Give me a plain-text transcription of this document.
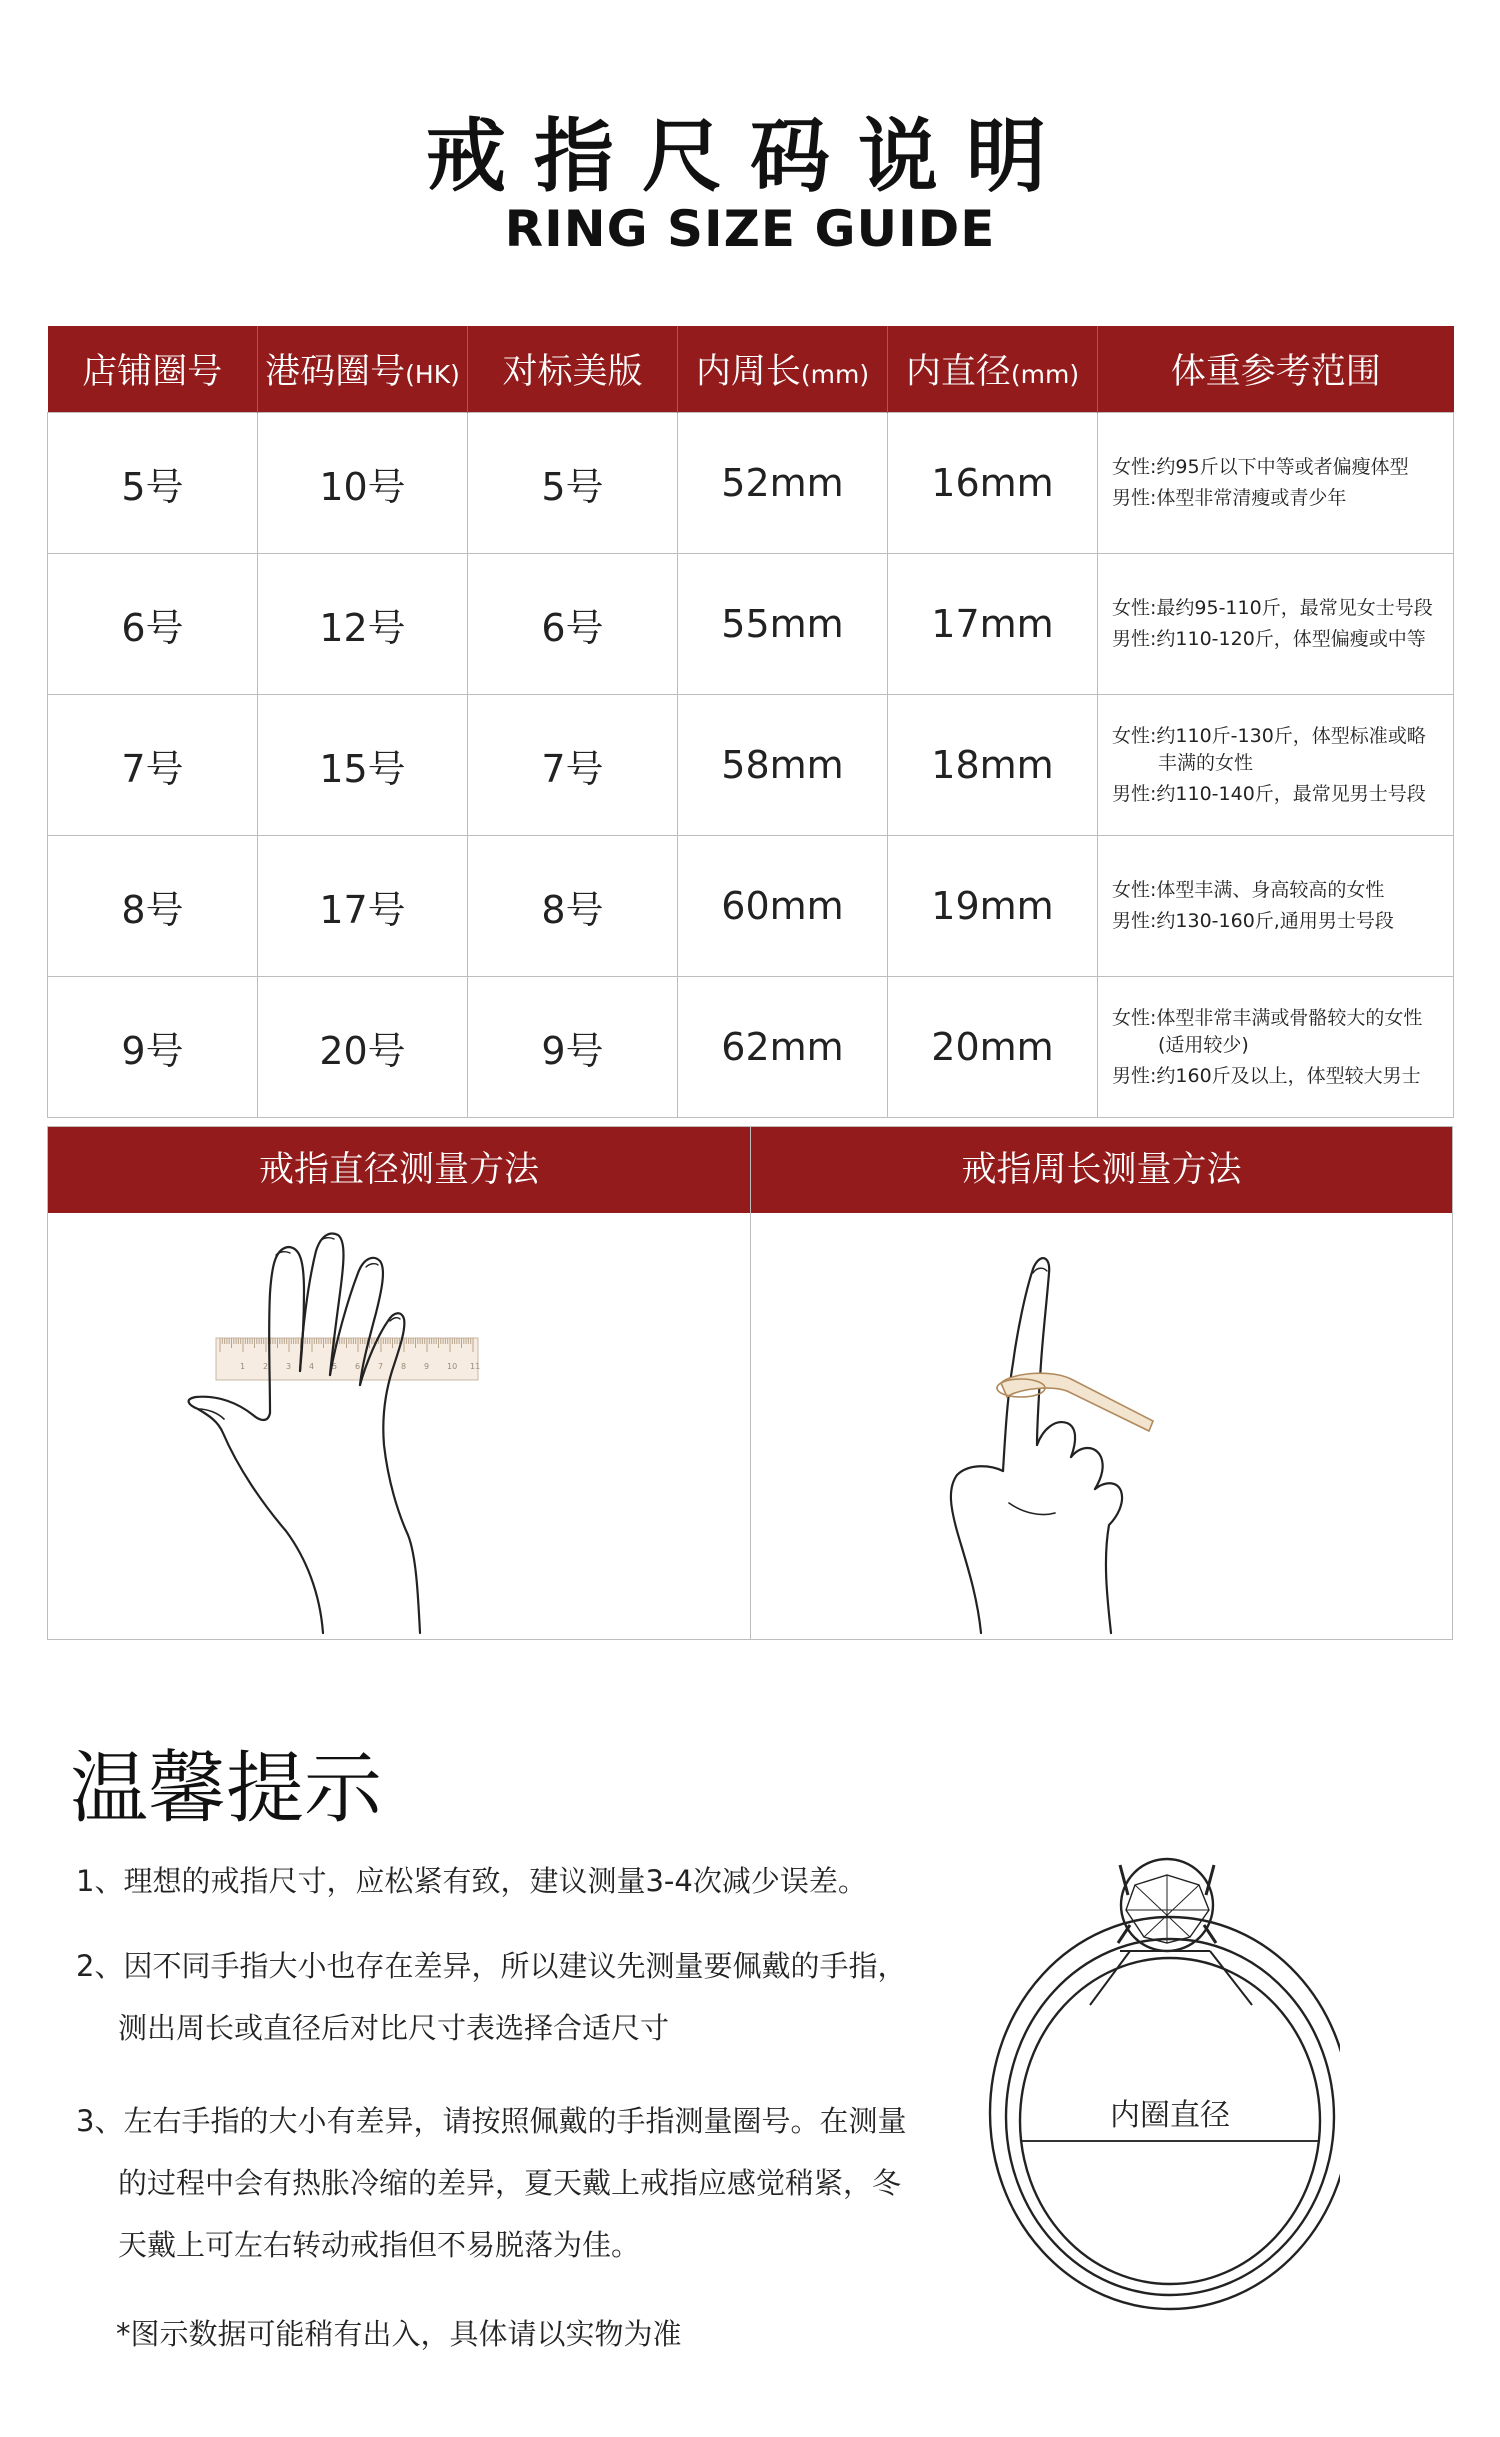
戒指尺码说明
RING SIZE GUIDE
店铺圈号	港码圈号(HK)	对标美版	内周长(mm)	内直径(mm)	体重参考范围
5号	10号	5号	52mm	16mm	女性:约95斤以下中等或者偏瘦体型
男性:体型非常清瘦或青少年

6号	12号	6号	55mm	17mm	女性:最约95-110斤，最常见女士号段
男性:约110-120斤，体型偏瘦或中等

7号	15号	7号	58mm	18mm	女性:约110斤-130斤，体型标准或略
丰满的女性
男性:约110-140斤，最常见男士号段

8号	17号	8号	60mm	19mm	女性:体型丰满、身高较高的女性
男性:约130-160斤,通用男士号段

9号	20号	9号	62mm	20mm	女性:体型非常丰满或骨骼较大的女性
(适用较少)
男性:约160斤及以上，体型较大男士
戒指直径测量方法
1 2 3 4 5 6 7 8 9 10 11
戒指周长测量方法
温馨提示
1、理想的戒指尺寸，应松紧有致，建议测量3-4次减少误差。
2、因不同手指大小也存在差异，所以建议先测量要佩戴的手指，
测出周长或直径后对比尺寸表选择合适尺寸
3、左右手指的大小有差异，请按照佩戴的手指测量圈号。在测量
的过程中会有热胀冷缩的差异，夏天戴上戒指应感觉稍紧，冬
天戴上可左右转动戒指但不易脱落为佳。
*图示数据可能稍有出入，具体请以实物为准
内圈直径
